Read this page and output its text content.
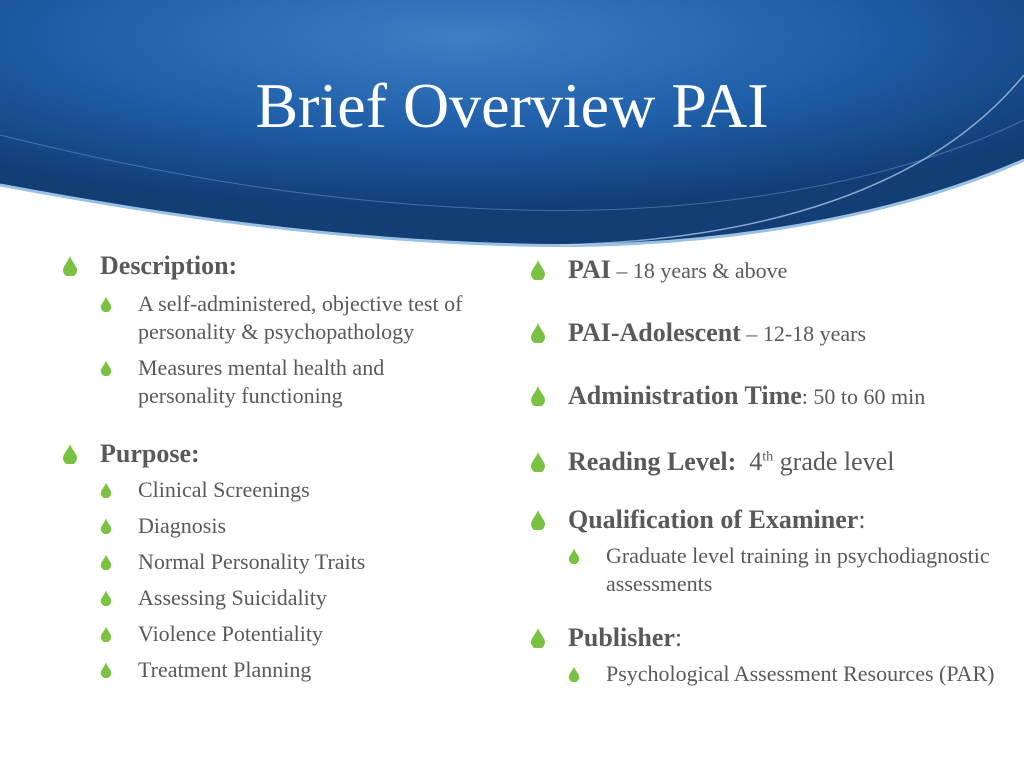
Brief Overview PAI
Description:
A self-administered, objective test of personality & psychopathology
Measures mental health and personality functioning
Purpose:
Clinical Screenings
Diagnosis
Normal Personality Traits
Assessing Suicidality
Violence Potentiality
Treatment Planning
PAI – 18 years & above
PAI-Adolescent – 12-18 years
Administration Time: 50 to 60 min
Reading Level: 4th grade level
Qualification of Examiner:
Graduate level training in psychodiagnostic assessments
Publisher:
Psychological Assessment Resources (PAR)
